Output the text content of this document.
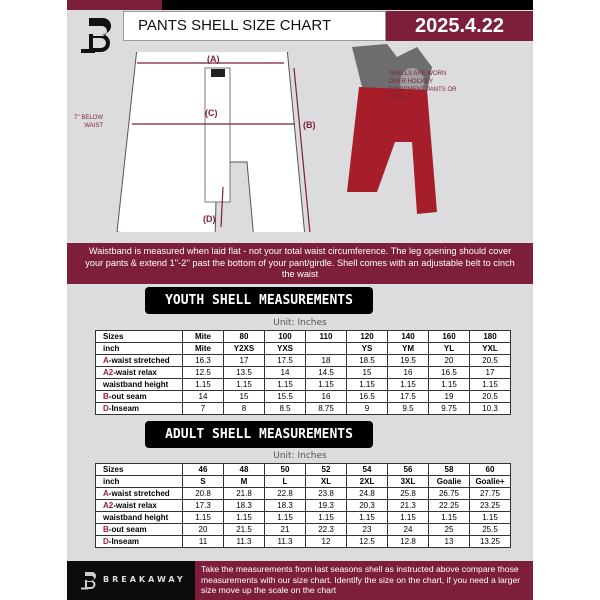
PANTS SHELL SIZE CHART	2025.4.22
(A)
(C)
(B)
(D)
7'' BELOW WAIST
SHELLS ARE WORN OVER HOCKEY EQUIPMENT PANTS OR GIRDLE
Waistband is measured when laid flat - not your total waist circumference. The leg opening should cover your pants & extend 1''-2'' past the bottom of your pant/girdle. Shell comes with an adjustable belt to cinch the waist
YOUTH SHELL MEASUREMENTS
Unit: Inches
Sizes	Mite	80	100	110	120	140	160	180
inch	Mite	Y2XS	YXS		YS	YM	YL	YXL
A-waist stretched	16.3	17	17.5	18	18.5	19.5	20	20.5
A2-waist relax	12.5	13.5	14	14.5	15	16	16.5	17
waistband height	1.15	1.15	1.15	1.15	1.15	1.15	1.15	1.15
B-out seam	14	15	15.5	16	16.5	17.5	19	20.5
D-Inseam	7	8	8.5	8.75	9	9.5	9.75	10.3
ADULT SHELL MEASUREMENTS
Unit: Inches
Sizes	46	48	50	52	54	56	58	60
inch	S	M	L	XL	2XL	3XL	Goalie	Goalie+
A-waist stretched	20.8	21.8	22.8	23.8	24.8	25.8	26.75	27.75
A2-waist relax	17.3	18.3	18.3	19.3	20.3	21.3	22.25	23.25
waistband height	1.15	1.15	1.15	1.15	1.15	1.15	1.15	1.15
B-out seam	20	21.5	21	22.3	23	24	25	25.5
D-Inseam	11	11.3	11.3	12	12.5	12.8	13	13.25
Take the measurements from last seasons shell as instructed above compare those measurements with our size chart. Identify the size on the chart, if you need a larger size move up the scale on the chart
BREAKAWAY
